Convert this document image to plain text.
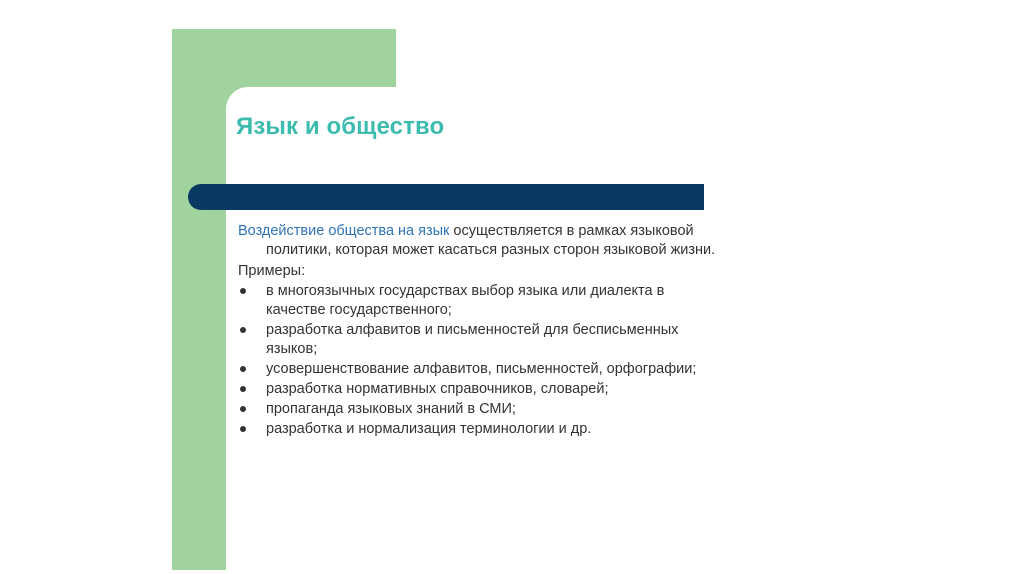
Язык и общество

Воздействие общества на язык осуществляется в рамках языковой политики, которая может касаться разных сторон языковой жизни.

Примеры:

в многоязычных государствах выбор языка или диалекта в качестве государственного;
разработка алфавитов и письменностей для бесписьменных языков;
усовершенствование алфавитов, письменностей, орфографии;
разработка нормативных справочников, словарей;
пропаганда языковых знаний в СМИ;
разработка и нормализация терминологии и др.
